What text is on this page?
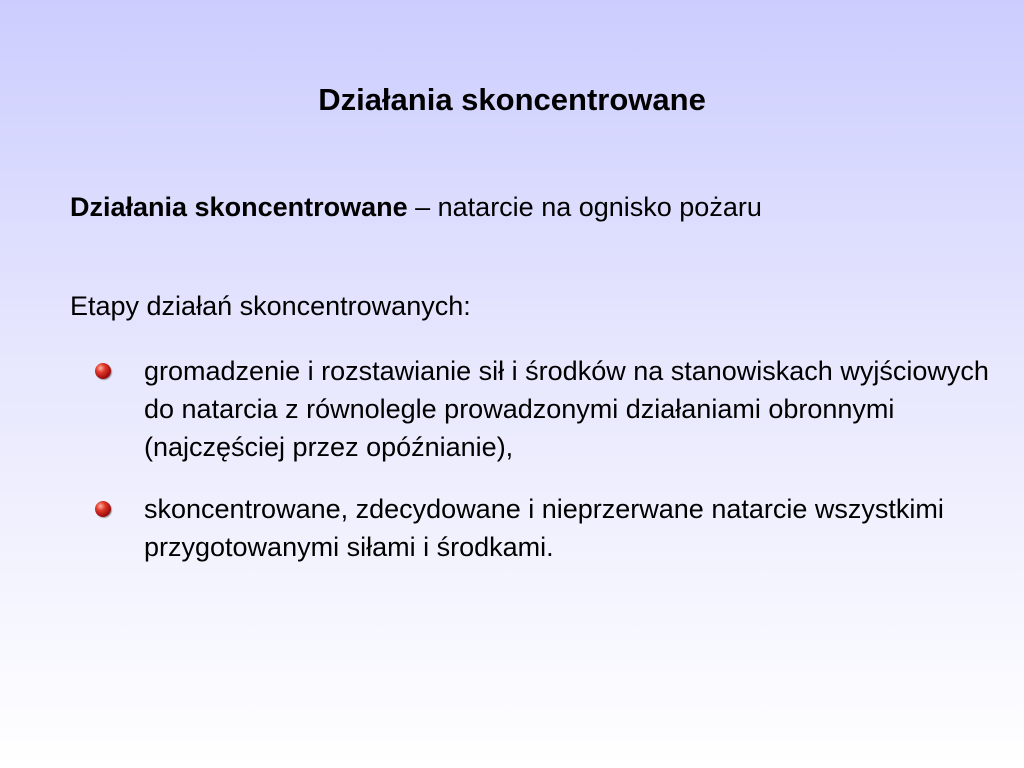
Działania skoncentrowane
Działania skoncentrowane – natarcie na ognisko pożaru
Etapy działań skoncentrowanych:
gromadzenie i rozstawianie sił i środków na stanowiskach wyjściowych do natarcia z równolegle prowadzonymi działaniami obronnymi (najczęściej przez opóźnianie),
skoncentrowane, zdecydowane i nieprzerwane natarcie wszystkimi przygotowanymi siłami i środkami.
